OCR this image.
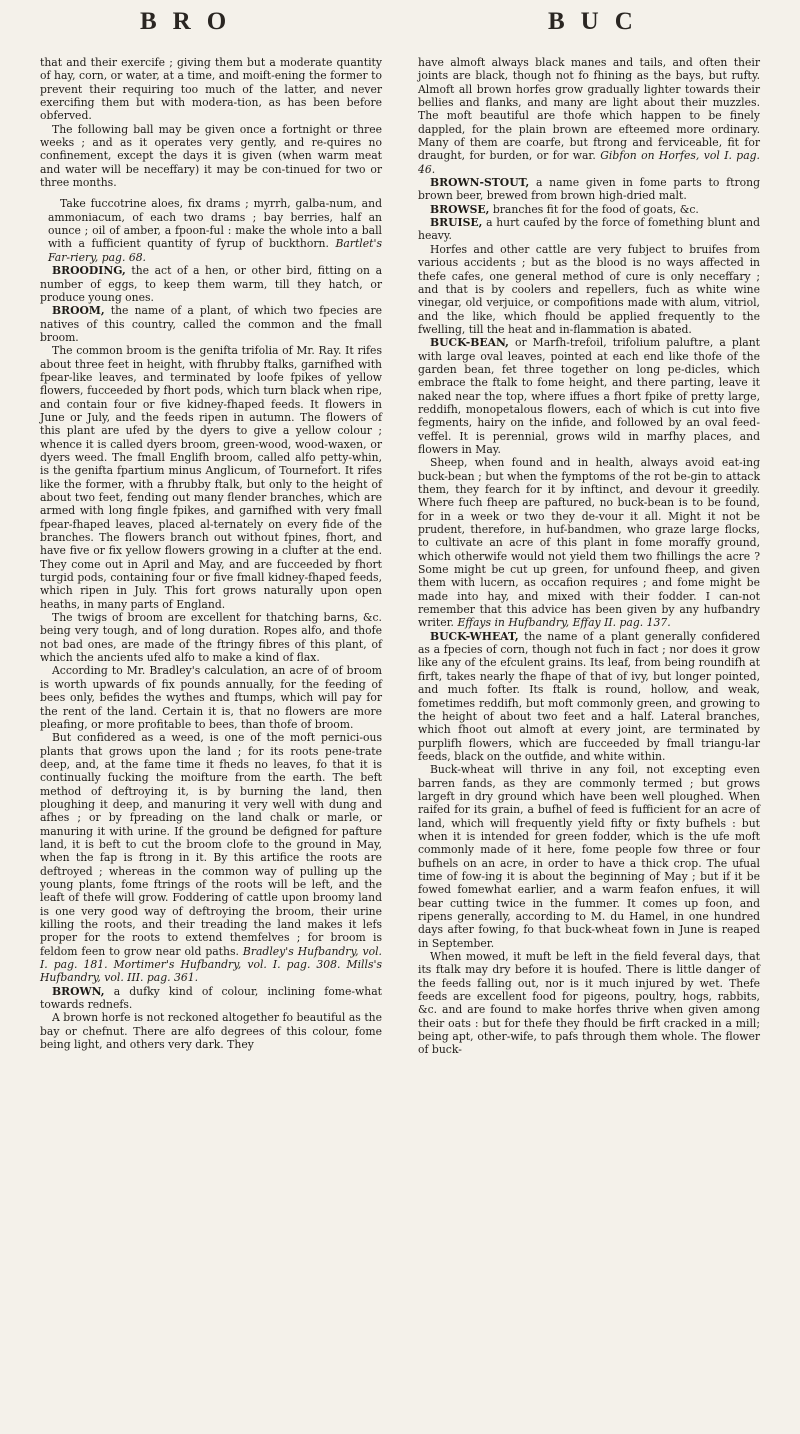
BRO	BUC

that and their exercife ; giving them but a moderate quantity of hay, corn, or water, at a time, and moift-ening the former to prevent their requiring too much of the latter, and never exercifing them but with modera-tion, as has been before obferved.

The following ball may be given once a fortnight or three weeks ; and as it operates very gently, and re-quires no confinement, except the days it is given (when warm meat and water will be neceffary) it may be con-tinued for two or three months.

Take fuccotrine aloes, fix drams ; myrrh, galba-num, and ammoniacum, of each two drams ; bay berries, half an ounce ; oil of amber, a fpoon-ful : make the whole into a ball with a fufficient quantity of fyrup of buckthorn. Bartlet's Far-riery, pag. 68.

BROODING, the act of a hen, or other bird, fitting on a number of eggs, to keep them warm, till they hatch, or produce young ones.

BROOM, the name of a plant, of which two fpecies are natives of this country, called the common and the fmall broom.

The common broom is the genifta trifolia of Mr. Ray. It rifes about three feet in height, with fhrubby ftalks, garnifhed with fpear-like leaves, and terminated by loofe fpikes of yellow flowers, fucceeded by fhort pods, which turn black when ripe, and contain four or five kidney-fhaped feeds. It flowers in June or July, and the feeds ripen in autumn. The flowers of this plant are ufed by the dyers to give a yellow colour ; whence it is called dyers broom, green-wood, wood-waxen, or dyers weed. The fmall Englifh broom, called alfo petty-whin, is the genifta fpartium minus Anglicum, of Tournefort. It rifes like the former, with a fhrubby ftalk, but only to the height of about two feet, fending out many flender branches, which are armed with long fingle fpikes, and garnifhed with very fmall fpear-fhaped leaves, placed al-ternately on every fide of the branches. The flowers branch out without fpines, fhort, and have five or fix yellow flowers growing in a clufter at the end. They come out in April and May, and are fucceeded by fhort turgid pods, containing four or five fmall kidney-fhaped feeds, which ripen in July. This fort grows naturally upon open heaths, in many parts of England.

The twigs of broom are excellent for thatching barns, &c. being very tough, and of long duration. Ropes alfo, and thofe not bad ones, are made of the ftringy fibres of this plant, of which the ancients ufed alfo to make a kind of flax.

According to Mr. Bradley's calculation, an acre of of broom is worth upwards of fix pounds annually, for the feeding of bees only, befides the wythes and ftumps, which will pay for the rent of the land. Certain it is, that no flowers are more pleafing, or more profitable to bees, than thofe of broom.

But confidered as a weed, is one of the moft pernici-ous plants that grows upon the land ; for its roots pene-trate deep, and, at the fame time it fheds no leaves, fo that it is continually fucking the moifture from the earth. The beft method of deftroying it, is by burning the land, then ploughing it deep, and manuring it very well with dung and afhes ; or by fpreading on the land chalk or marle, or manuring it with urine. If the ground be defigned for pafture land, it is beft to cut the broom clofe to the ground in May, when the fap is ftrong in it. By this artifice the roots are deftroyed ; whereas in the common way of pulling up the young plants, fome ftrings of the roots will be left, and the leaft of thefe will grow. Foddering of cattle upon broomy land is one very good way of deftroying the broom, their urine killing the roots, and their treading the land makes it lefs proper for the roots to extend themfelves ; for broom is feldom feen to grow near old paths. Bradley's Hufbandry, vol. I. pag. 181. Mortimer's Hufbandry, vol. I. pag. 308. Mills's Hufbandry, vol. III. pag. 361.

BROWN, a dufky kind of colour, inclining fome-what towards rednefs.

A brown horfe is not reckoned altogether fo beautiful as the bay or chefnut. There are alfo degrees of this colour, fome being light, and others very dark. They

have almoft always black manes and tails, and often their joints are black, though not fo fhining as the bays, but rufty. Almoft all brown horfes grow gradually lighter towards their bellies and flanks, and many are light about their muzzles. The moft beautiful are thofe which happen to be finely dappled, for the plain brown are efteemed more ordinary. Many of them are coarfe, but ftrong and ferviceable, fit for draught, for burden, or for war. Gibfon on Horfes, vol I. pag. 46.

BROWN-STOUT, a name given in fome parts to ftrong brown beer, brewed from brown high-dried malt.

BROWSE, branches fit for the food of goats, &c.

BRUISE, a hurt caufed by the force of fomething blunt and heavy.

Horfes and other cattle are very fubject to bruifes from various accidents ; but as the blood is no ways affected in thefe cafes, one general method of cure is only neceffary ; and that is by coolers and repellers, fuch as white wine vinegar, old verjuice, or compofitions made with alum, vitriol, and the like, which fhould be applied frequently to the fwelling, till the heat and in-flammation is abated.

BUCK-BEAN, or Marfh-trefoil, trifolium paluftre, a plant with large oval leaves, pointed at each end like thofe of the garden bean, fet three together on long pe-dicles, which embrace the ftalk to fome height, and there parting, leave it naked near the top, where iffues a fhort fpike of pretty large, reddifh, monopetalous flowers, each of which is cut into five fegments, hairy on the infide, and followed by an oval feed-veffel. It is perennial, grows wild in marfhy places, and flowers in May.

Sheep, when found and in health, always avoid eat-ing buck-bean ; but when the fymptoms of the rot be-gin to attack them, they fearch for it by inftinct, and devour it greedily. Where fuch fheep are paftured, no buck-bean is to be found, for in a week or two they de-vour it all. Might it not be prudent, therefore, in huf-bandmen, who graze large flocks, to cultivate an acre of this plant in fome moraffy ground, which otherwife would not yield them two fhillings the acre ? Some might be cut up green, for unfound fheep, and given them with lucern, as occafion requires ; and fome might be made into hay, and mixed with their fodder. I can-not remember that this advice has been given by any hufbandry writer. Effays in Hufbandry, Effay II. pag. 137.

BUCK-WHEAT, the name of a plant generally confidered as a fpecies of corn, though not fuch in fact ; nor does it grow like any of the efculent grains. Its leaf, from being roundifh at firft, takes nearly the fhape of that of ivy, but longer pointed, and much fofter. Its ftalk is round, hollow, and weak, fometimes reddifh, but moft commonly green, and growing to the height of about two feet and a half. Lateral branches, which fhoot out almoft at every joint, are terminated by purplifh flowers, which are fucceeded by fmall triangu-lar feeds, black on the outfide, and white within.

Buck-wheat will thrive in any foil, not excepting even barren fands, as they are commonly termed ; but grows largeft in dry ground which have been well ploughed. When raifed for its grain, a bufhel of feed is fufficient for an acre of land, which will frequently yield fifty or fixty bufhels : but when it is intended for green fodder, which is the ufe moft commonly made of it here, fome people fow three or four bufhels on an acre, in order to have a thick crop. The ufual time of fow-ing it is about the beginning of May ; but if it be fowed fomewhat earlier, and a warm feafon enfues, it will bear cutting twice in the fummer. It comes up foon, and ripens generally, according to M. du Hamel, in one hundred days after fowing, fo that buck-wheat fown in June is reaped in September.

When mowed, it muft be left in the field feveral days, that its ftalk may dry before it is houfed. There is little danger of the feeds falling out, nor is it much injured by wet. Thefe feeds are excellent food for pigeons, poultry, hogs, rabbits, &c. and are found to make horfes thrive when given among their oats : but for thefe they fhould be firft cracked in a mill; being apt, other-wife, to pafs through them whole. The flower of buck-
